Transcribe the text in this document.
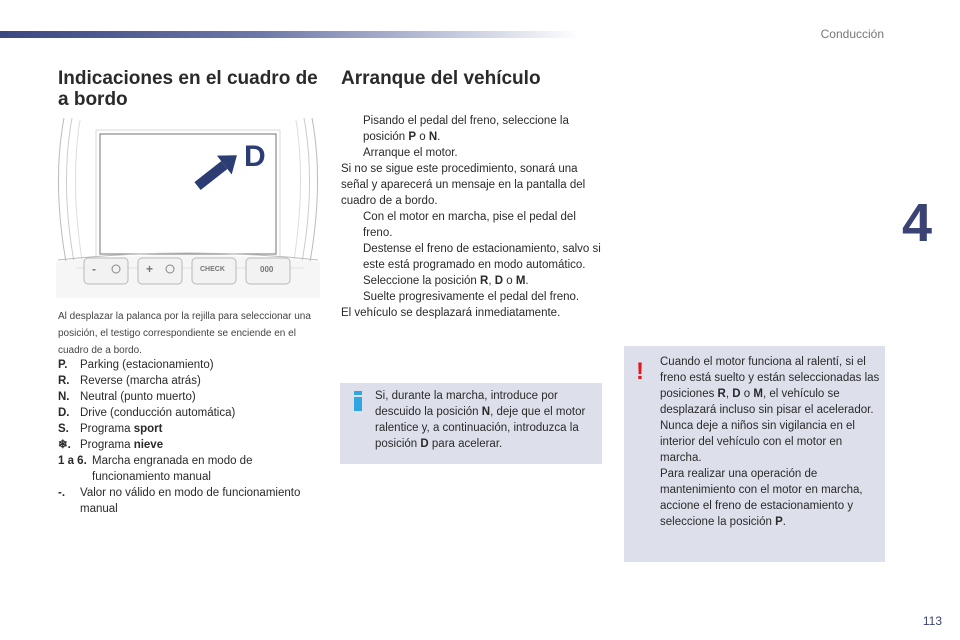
Conducción
4
Indicaciones en el cuadro de a bordo
D
-	+	CHECK	000
Al desplazar la palanca por la rejilla para seleccionar una posición, el testigo correspondiente se enciende en el cuadro de a bordo.
P.	Parking (estacionamiento)
R. Reverse (marcha atrás)
N. Neutral (punto muerto)
D. Drive (conducción automática)
S. Programa sport
❄. Programa nieve
1 a 6. Marcha engranada en modo de funcionamiento manual
-.	Valor no válido en modo de funcionamiento manual
Arranque del vehículo
Pisando el pedal del freno, seleccione la posición P o N.
Arranque el motor.
Si no se sigue este procedimiento, sonará una señal y aparecerá un mensaje en la pantalla del cuadro de a bordo.
Con el motor en marcha, pise el pedal del freno.
Destense el freno de estacionamiento, salvo si este está programado en modo automático.
Seleccione la posición R, D o M.
Suelte progresivamente el pedal del freno.
El vehículo se desplazará inmediatamente.
Si, durante la marcha, introduce por descuido la posición N, deje que el motor ralentice y, a continuación, introduzca la posición D para acelerar.
!	Cuando el motor funciona al ralentí, si el freno está suelto y están seleccionadas las posiciones R, D o M, el vehículo se desplazará incluso sin pisar el acelerador.
Nunca deje a niños sin vigilancia en el interior del vehículo con el motor en marcha.
Para realizar una operación de mantenimiento con el motor en marcha, accione el freno de estacionamiento y seleccione la posición P.
113
